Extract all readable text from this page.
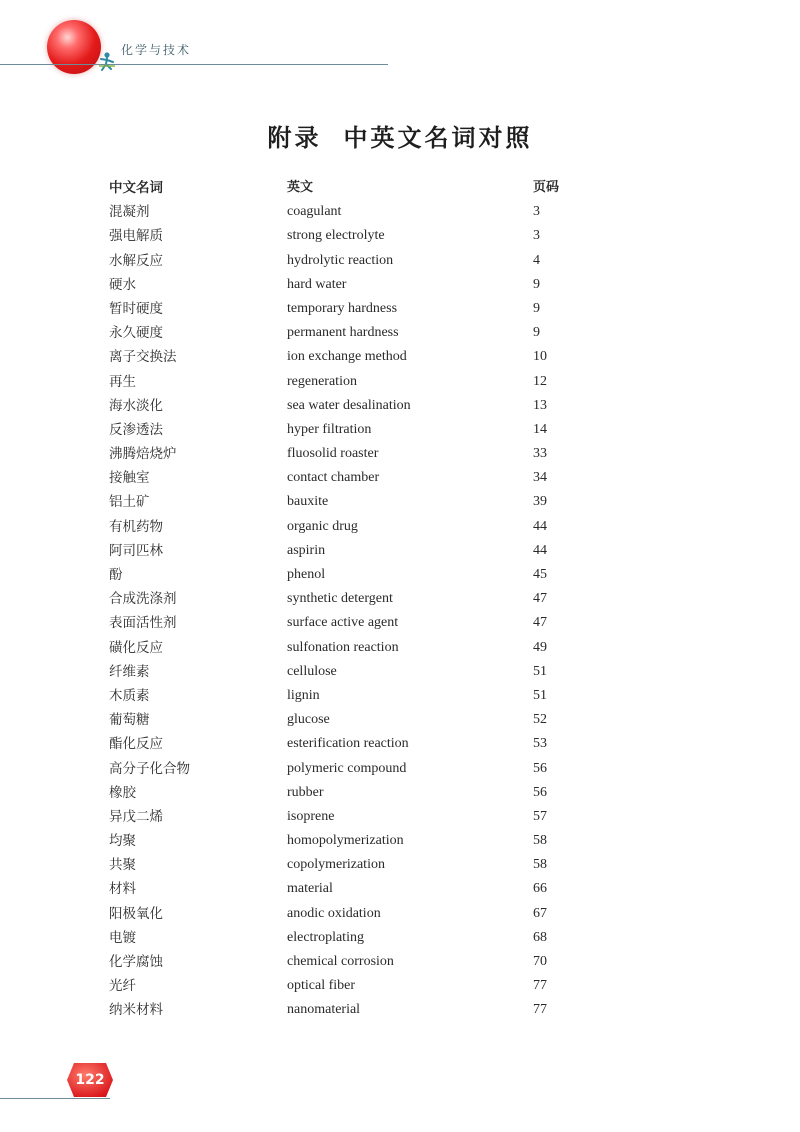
化学与技术
附录 中英文名词对照
中文名词	英文	页码
混凝剂	coagulant	3
强电解质	strong electrolyte	3
水解反应	hydrolytic reaction	4
硬水	hard water	9
暂时硬度	temporary hardness	9
永久硬度	permanent hardness	9
离子交换法	ion exchange method	10
再生	regeneration	12
海水淡化	sea water desalination	13
反渗透法	hyper filtration	14
沸腾焙烧炉	fluosolid roaster	33
接触室	contact chamber	34
铝土矿	bauxite	39
有机药物	organic drug	44
阿司匹林	aspirin	44
酚	phenol	45
合成洗涤剂	synthetic detergent	47
表面活性剂	surface active agent	47
磺化反应	sulfonation reaction	49
纤维素	cellulose	51
木质素	lignin	51
葡萄糖	glucose	52
酯化反应	esterification reaction	53
高分子化合物	polymeric compound	56
橡胶	rubber	56
异戊二烯	isoprene	57
均聚	homopolymerization	58
共聚	copolymerization	58
材料	material	66
阳极氧化	anodic oxidation	67
电镀	electroplating	68
化学腐蚀	chemical corrosion	70
光纤	optical fiber	77
纳米材料	nanomaterial	77
122
